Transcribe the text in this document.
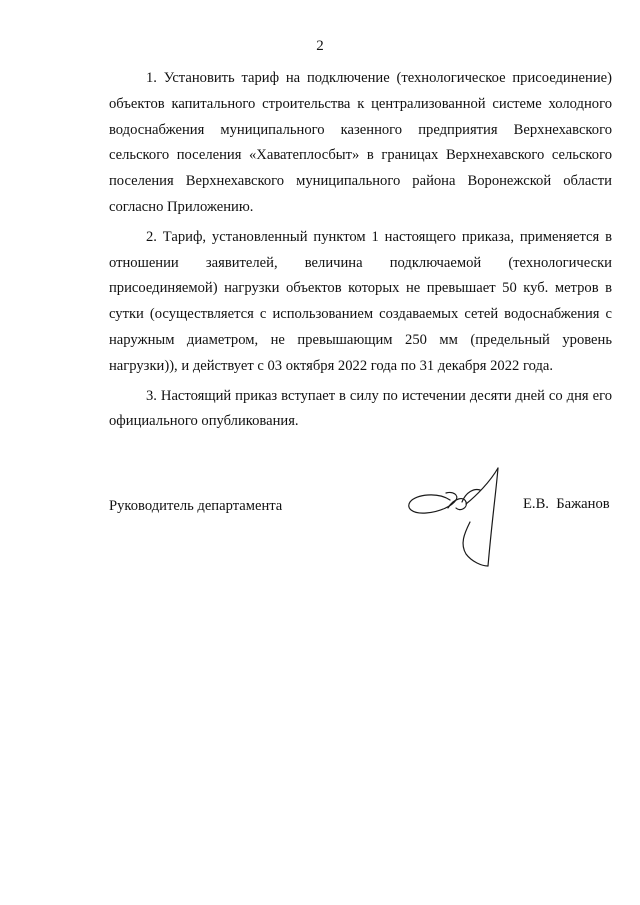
2

1. Установить тариф на подключение (технологическое присоединение) объектов капитального строительства к централизованной системе холодного водоснабжения муниципального казенного предприятия Верхнехавского сельского поселения «Хаватеплосбыт» в границах Верхнехавского сельского поселения Верхнехавского муниципального района Воронежской области согласно Приложению.

2. Тариф, установленный пунктом 1 настоящего приказа, применяется в отношении заявителей, величина подключаемой (технологически присоединяемой) нагрузки объектов которых не превышает 50 куб. метров в сутки (осуществляется с использованием создаваемых сетей водоснабжения с наружным диаметром, не превышающим 250 мм (предельный уровень нагрузки)), и действует с 03 октября 2022 года по 31 декабря 2022 года.

3. Настоящий приказ вступает в силу по истечении десяти дней со дня его официального опубликования.

Руководитель департамента	Е.В.  Бажанов
